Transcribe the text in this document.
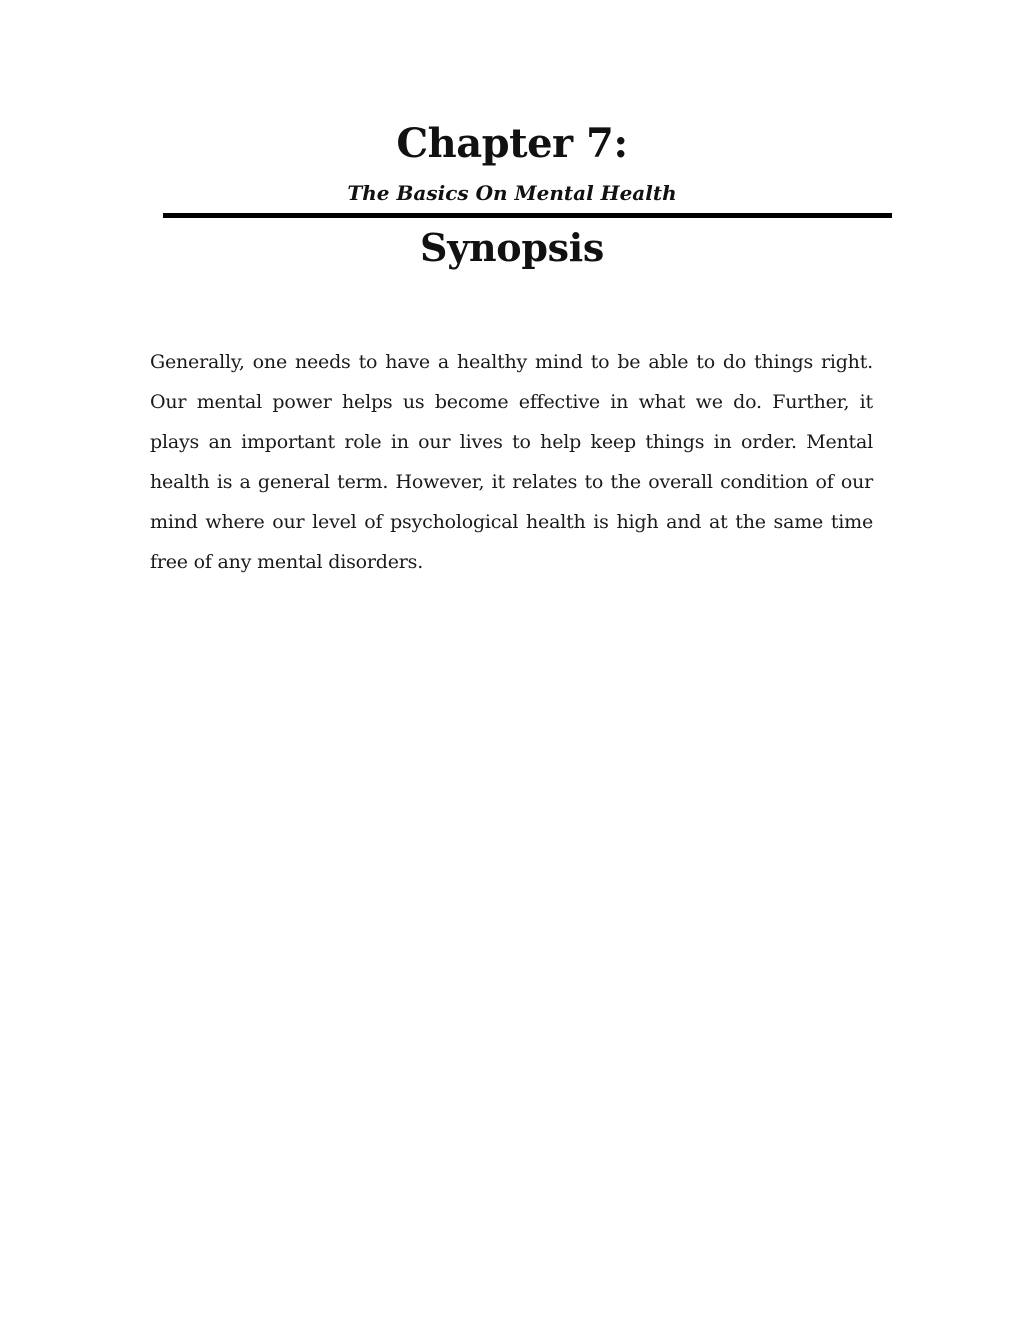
Chapter 7:
The Basics On Mental Health
Synopsis

Generally, one needs to have a healthy mind to be able to do things right. Our mental power helps us become effective in what we do. Further, it plays an important role in our lives to help keep things in order. Mental health is a general term. However, it relates to the overall condition of our mind where our level of psychological health is high and at the same time free of any mental disorders.
